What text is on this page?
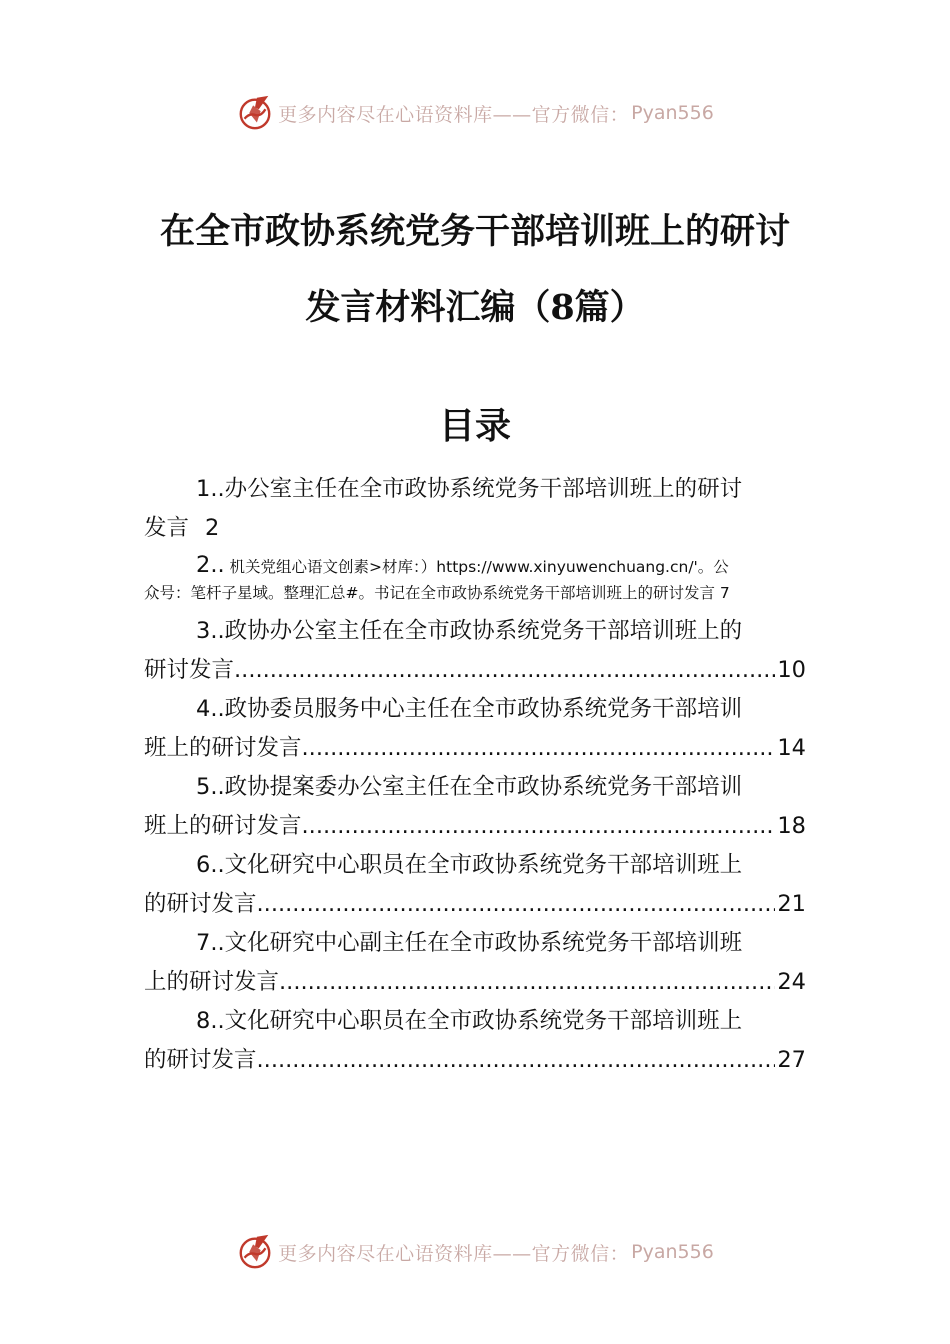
更多内容尽在心语资料库——官方微信： Pyan556
在全市政协系统党务干部培训班上的研讨
发言材料汇编（8篇）
目录
1..办公室主任在全市政协系统党务干部培训班上的研讨
发言 2
2.. 机关党组心语文创素>材库：）https://www.xinyuwenchuang.cn/'。公
众号：笔杆子星域。整理汇总#。书记在全市政协系统党务干部培训班上的研讨发言 7
3..政协办公室主任在全市政协系统党务干部培训班上的
研讨发言 .....	10
4..政协委员服务中心主任在全市政协系统党务干部培训
班上的研讨发言 .....	14
5..政协提案委办公室主任在全市政协系统党务干部培训
班上的研讨发言 .....	18
6..文化研究中心职员在全市政协系统党务干部培训班上
的研讨发言 .....	21
7..文化研究中心副主任在全市政协系统党务干部培训班
上的研讨发言 .....	24
8..文化研究中心职员在全市政协系统党务干部培训班上
的研讨发言 .....	27
更多内容尽在心语资料库——官方微信： Pyan556
